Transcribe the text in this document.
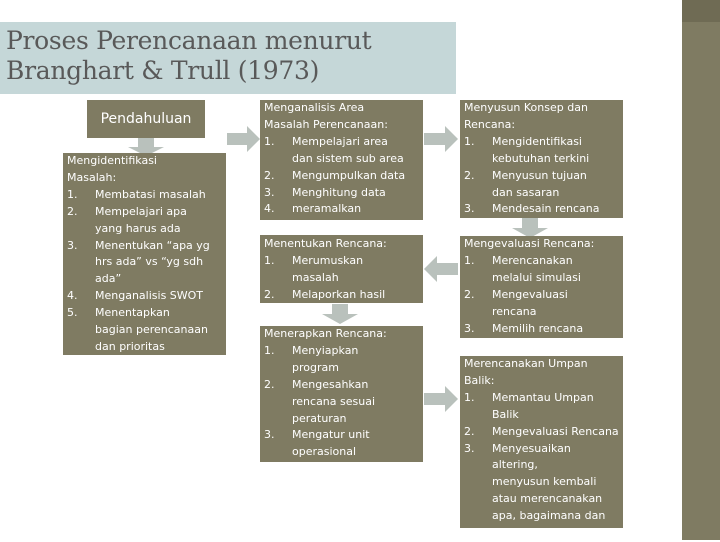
Proses Perencanaan menurut
Branghart & Trull (1973)
Pendahuluan
Mengidentifikasi
Masalah:
1. Membatasi masalah
2. Mempelajari apa
yang harus ada
3. Menentukan “apa yg
hrs ada” vs “yg sdh
ada”
4. Menganalisis SWOT
5. Menentapkan
bagian perencanaan
dan prioritas
Menganalisis Area
Masalah Perencanaan:
1. Mempelajari area
dan sistem sub area
2. Mengumpulkan data
3. Menghitung data
4. meramalkan
Menentukan Rencana:
1. Merumuskan
masalah
2. Melaporkan hasil
Menerapkan Rencana:
1. Menyiapkan
program
2. Mengesahkan
rencana sesuai
peraturan
3. Mengatur unit
operasional
Menyusun Konsep dan
Rencana:
1. Mengidentifikasi
kebutuhan terkini
2. Menyusun tujuan
dan sasaran
3. Mendesain rencana
Mengevaluasi Rencana:
1. Merencanakan
melalui simulasi
2. Mengevaluasi
rencana
3. Memilih rencana
Merencanakan Umpan
Balik:
1. Memantau Umpan
Balik
2. Mengevaluasi Rencana
3. Menyesuaikan altering,
menyusun kembali
atau merencanakan
apa, bagaimana dan
oleh siapa?
